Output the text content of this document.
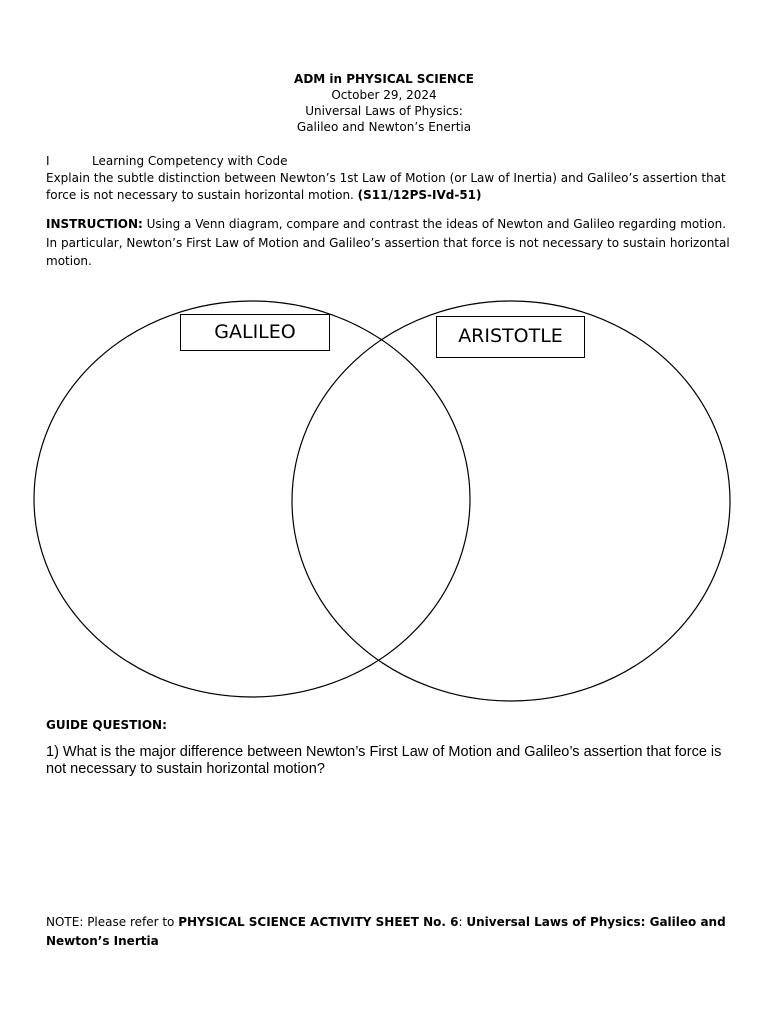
ADM in PHYSICAL SCIENCE
October 29, 2024
Universal Laws of Physics:
Galileo and Newton’s Enertia
I	Learning Competency with Code
Explain the subtle distinction between Newton’s 1st Law of Motion (or Law of Inertia) and Galileo’s assertion that force is not necessary to sustain horizontal motion. (S11/12PS-IVd-51)
INSTRUCTION: Using a Venn diagram, compare and contrast the ideas of Newton and Galileo regarding motion. In particular, Newton’s First Law of Motion and Galileo’s assertion that force is not necessary to sustain horizontal motion.
GALILEO	ARISTOTLE
GUIDE QUESTION:
1) What is the major difference between Newton’s First Law of Motion and Galileo’s assertion that force is not necessary to sustain horizontal motion?
NOTE: Please refer to PHYSICAL SCIENCE ACTIVITY SHEET No. 6: Universal Laws of Physics: Galileo and Newton’s Inertia
